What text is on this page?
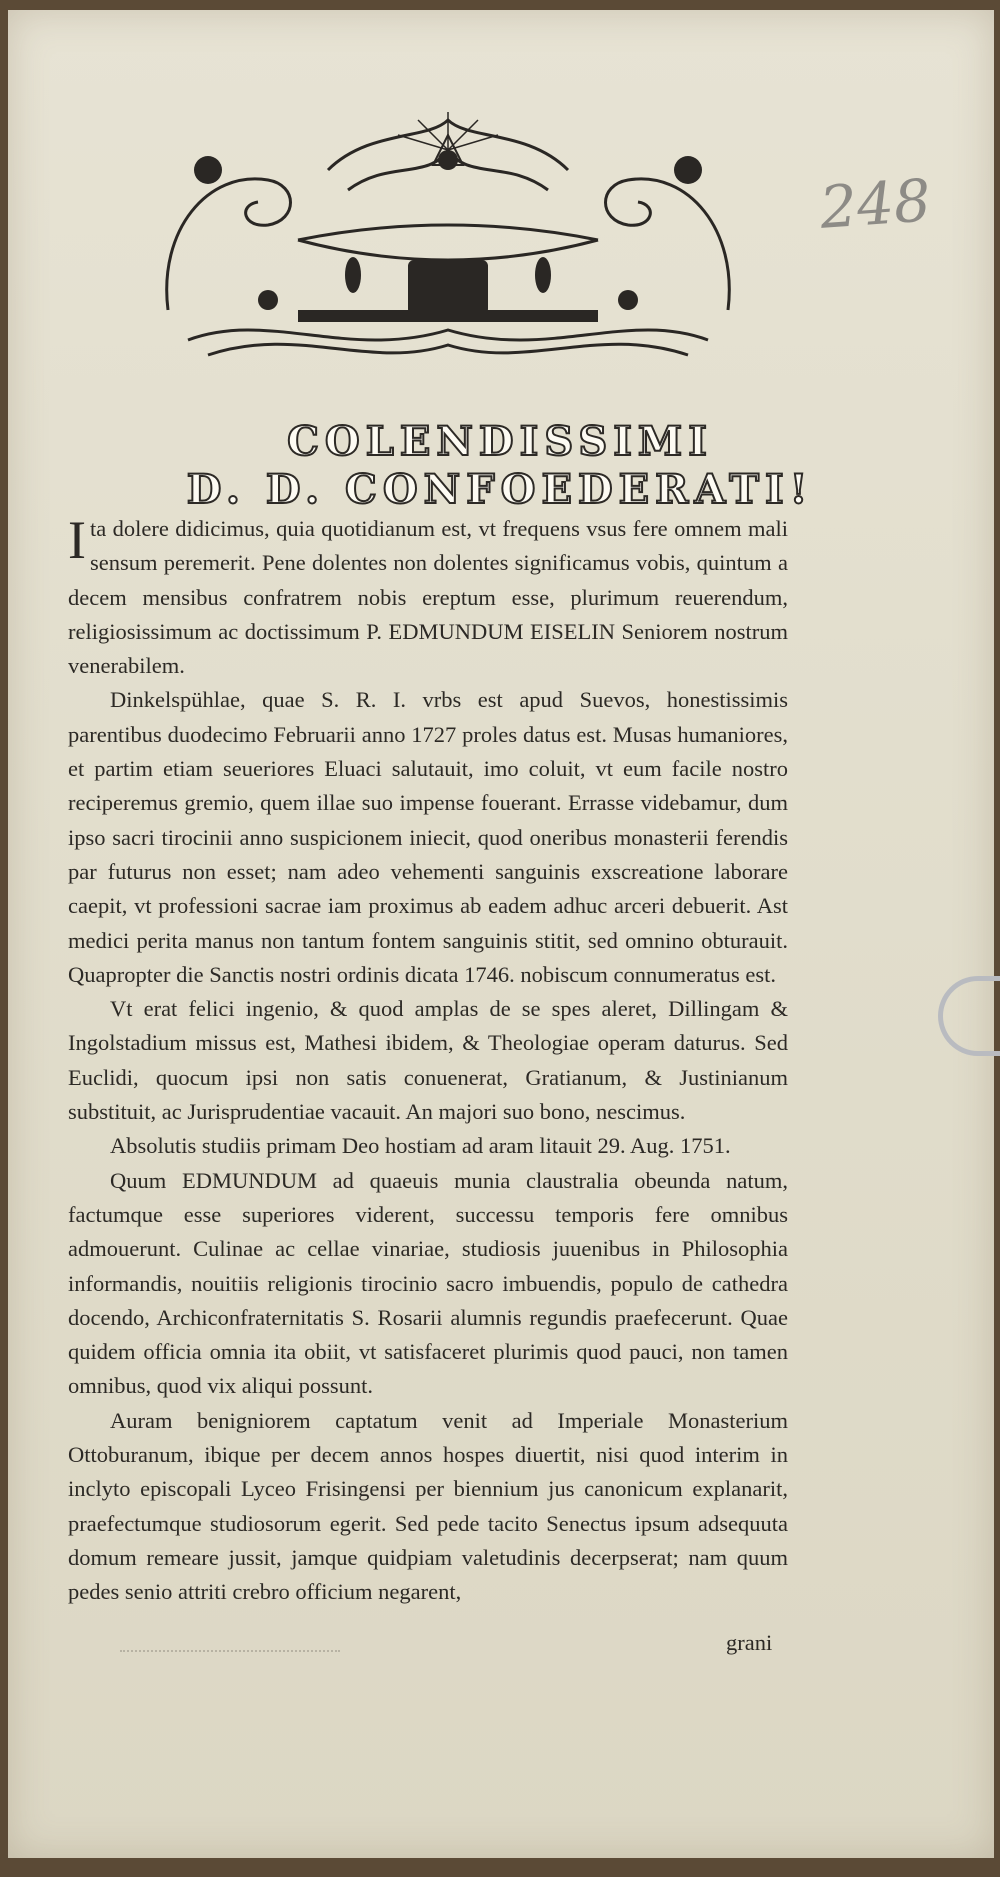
248
COLENDISSIMI
D. D. CONFOEDERATI!

Ita dolere didicimus, quia quotidianum est, vt frequens vsus fere omnem mali sensum peremerit. Pene dolentes non dolentes significamus vobis, quintum a decem mensibus confratrem nobis ereptum esse, plurimum reuerendum, religiosissimum ac doctissimum P. EDMUNDUM EISELIN Seniorem nostrum venerabilem.

Dinkelspühlae, quae S. R. I. vrbs est apud Suevos, honestissimis parentibus duodecimo Februarii anno 1727 proles datus est. Musas humaniores, et partim etiam seueriores Eluaci salutauit, imo coluit, vt eum facile nostro reciperemus gremio, quem illae suo impense fouerant. Errasse videbamur, dum ipso sacri tirocinii anno suspicionem iniecit, quod oneribus monasterii ferendis par futurus non esset; nam adeo vehementi sanguinis exscreatione laborare caepit, vt professioni sacrae iam proximus ab eadem adhuc arceri debuerit. Ast medici perita manus non tantum fontem sanguinis stitit, sed omnino obturauit. Quapropter die Sanctis nostri ordinis dicata 1746. nobiscum connumeratus est.

Vt erat felici ingenio, & quod amplas de se spes aleret, Dillingam & Ingolstadium missus est, Mathesi ibidem, & Theologiae operam daturus. Sed Euclidi, quocum ipsi non satis conuenerat, Gratianum, & Justinianum substituit, ac Jurisprudentiae vacauit. An majori suo bono, nescimus.

Absolutis studiis primam Deo hostiam ad aram litauit 29. Aug. 1751.

Quum EDMUNDUM ad quaeuis munia claustralia obeunda natum, factumque esse superiores viderent, successu temporis fere omnibus admouerunt. Culinae ac cellae vinariae, studiosis juuenibus in Philosophia informandis, nouitiis religionis tirocinio sacro imbuendis, populo de cathedra docendo, Archiconfraternitatis S. Rosarii alumnis regundis praefecerunt. Quae quidem officia omnia ita obiit, vt satisfaceret plurimis quod pauci, non tamen omnibus, quod vix aliqui possunt.

Auram benigniorem captatum venit ad Imperiale Monasterium Ottoburanum, ibique per decem annos hospes diuertit, nisi quod interim in inclyto episcopali Lyceo Frisingensi per biennium jus canonicum explanarit, praefectumque studiosorum egerit. Sed pede tacito Senectus ipsum adsequuta domum remeare jussit, jamque quidpiam valetudinis decerpserat; nam quum pedes senio attriti crebro officium negarent,

grani
